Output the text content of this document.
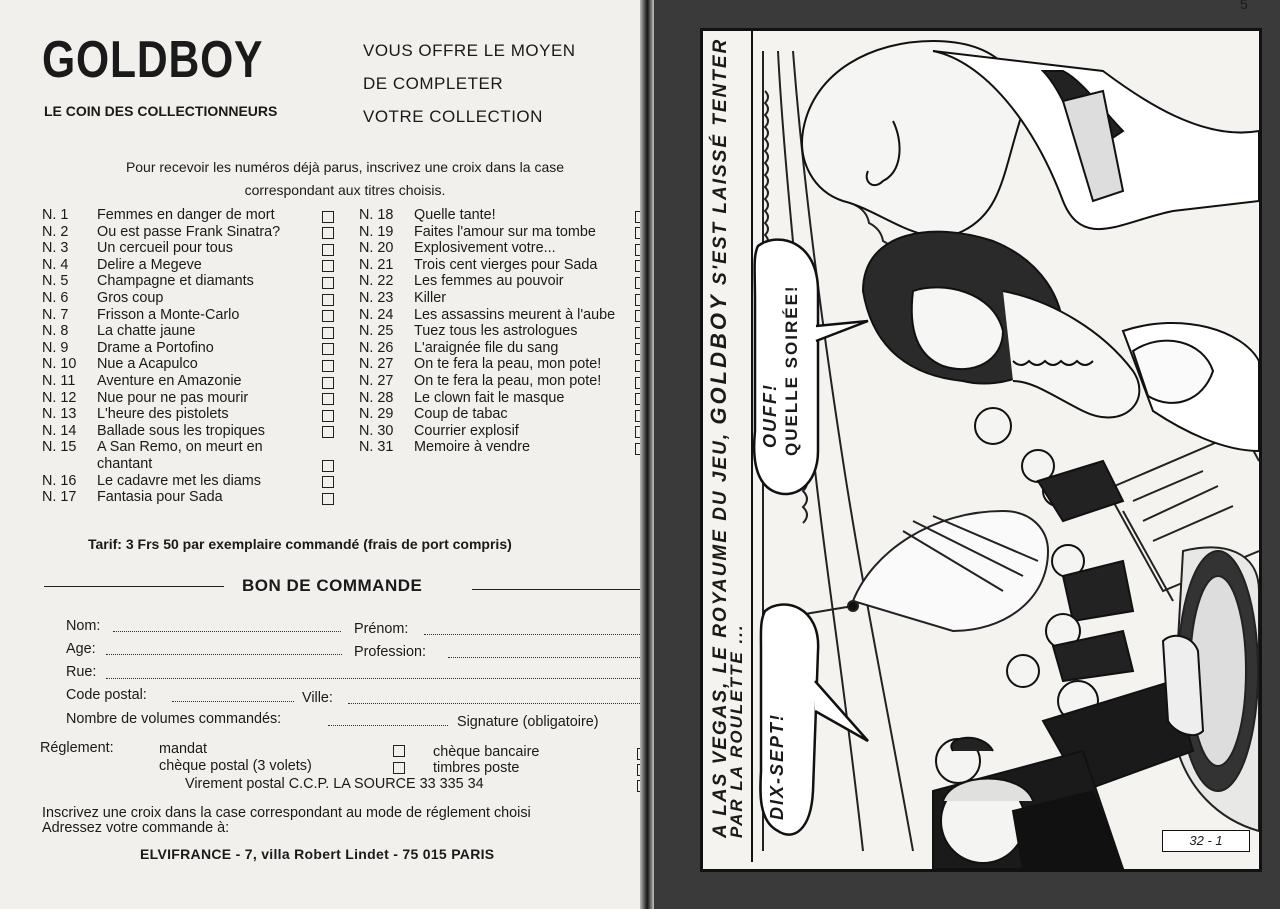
GOLDBOY
LE COIN DES COLLECTIONNEURS
VOUS OFFRE LE MOYEN
DE COMPLETER
VOTRE COLLECTION
Pour recevoir les numéros déjà parus, inscrivez une croix dans la case
correspondant aux titres choisis.
N. 1	Femmes en danger de mort
N. 2	Ou est passe Frank Sinatra?
N. 3	Un cercueil pour tous
N. 4	Delire a Megeve
N. 5	Champagne et diamants
N. 6	Gros coup
N. 7	Frisson a Monte-Carlo
N. 8	La chatte jaune
N. 9	Drame a Portofino
N. 10	Nue a Acapulco
N. 11	Aventure en Amazonie
N. 12	Nue pour ne pas mourir
N. 13	L'heure des pistolets
N. 14	Ballade sous les tropiques
N. 15	A San Remo, on meurt en chantant
N. 16	Le cadavre met les diams
N. 17	Fantasia pour Sada
N. 18	Quelle tante!
N. 19	Faites l'amour sur ma tombe
N. 20	Explosivement votre...
N. 21	Trois cent vierges pour Sada
N. 22	Les femmes au pouvoir
N. 23	Killer
N. 24	Les assassins meurent à l'aube
N. 25	Tuez tous les astrologues
N. 26	L'araignée file du sang
N. 27	On te fera la peau, mon pote!
N. 27	On te fera la peau, mon pote!
N. 28	Le clown fait le masque
N. 29	Coup de tabac
N. 30	Courrier explosif
N. 31	Memoire à vendre
Tarif: 3 Frs 50 par exemplaire commandé (frais de port compris)
BON DE COMMANDE
Nom:	Prénom:
Age:	Profession:
Rue:
Code postal:	Ville:
Nombre de volumes commandés:	Signature (obligatoire)
Réglement:	mandat	chèque bancaire
chèque postal (3 volets)	timbres poste
Virement postal C.C.P. LA SOURCE 33 335 34
Inscrivez une croix dans la case correspondant au mode de réglement choisi
Adressez votre commande à:
ELVIFRANCE - 7, villa Robert Lindet - 75 015 PARIS
5
A LAS VEGAS, LE ROYAUME DU JEU, GOLDBOY S'EST LAISSÉ TENTER
PAR LA ROULETTE ...
OUFF! QUELLE SOIRÉE!
DIX-SEPT!
32 - 1
